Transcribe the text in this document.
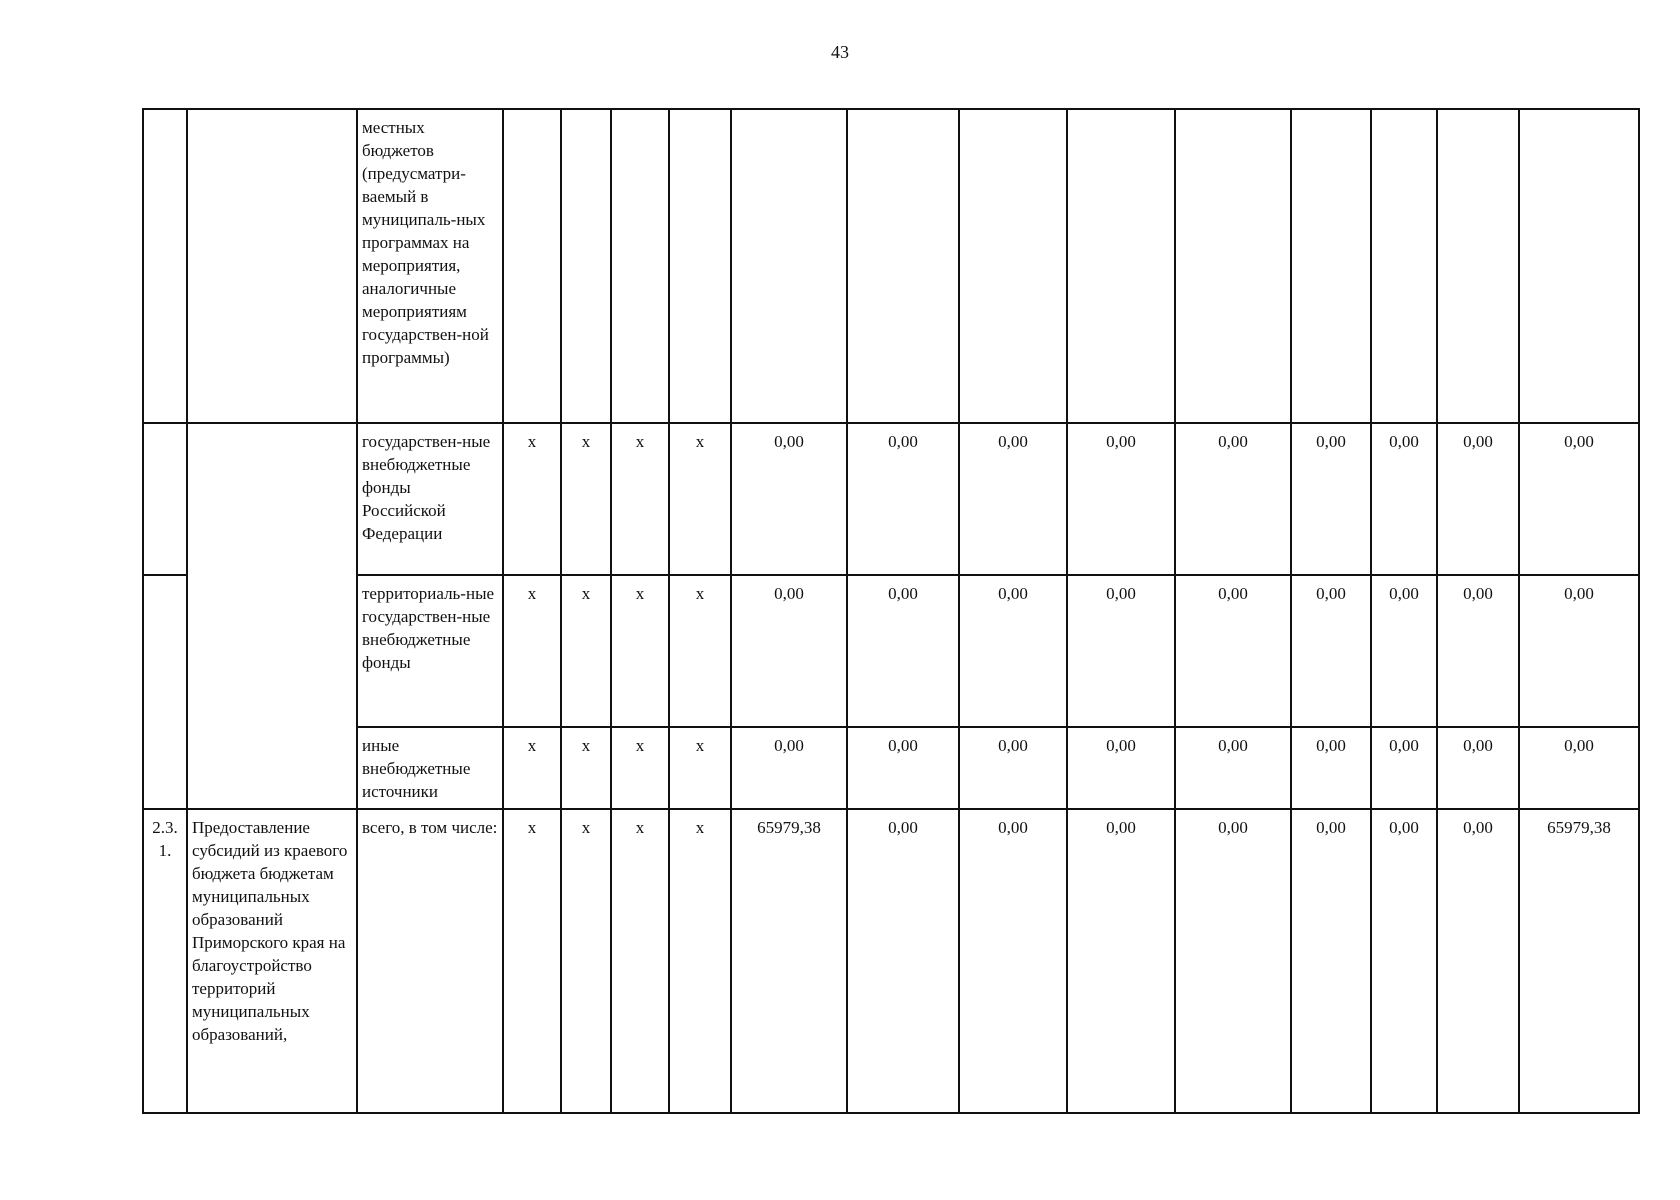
43
		местных бюджетов (предусматри-ваемый в муниципаль-ных программах на мероприятия, аналогичные мероприятиям государствен-ной программы)													
		государствен-ные внебюджетные фонды Российской Федерации	x	x	x	x	0,00	0,00	0,00	0,00	0,00	0,00	0,00	0,00	0,00
		территориаль-ные государствен-ные внебюджетные фонды	x	x	x	x	0,00	0,00	0,00	0,00	0,00	0,00	0,00	0,00	0,00
		иные внебюджетные источники	x	x	x	x	0,00	0,00	0,00	0,00	0,00	0,00	0,00	0,00	0,00

2.3. 1.	Предоставление субсидий из краевого бюджета бюджетам муниципальных образований Приморского края на благоустройство территорий муниципальных образований,	всего, в том числе:	x	x	x	x	65979,38	0,00	0,00	0,00	0,00	0,00	0,00	0,00	65979,38
